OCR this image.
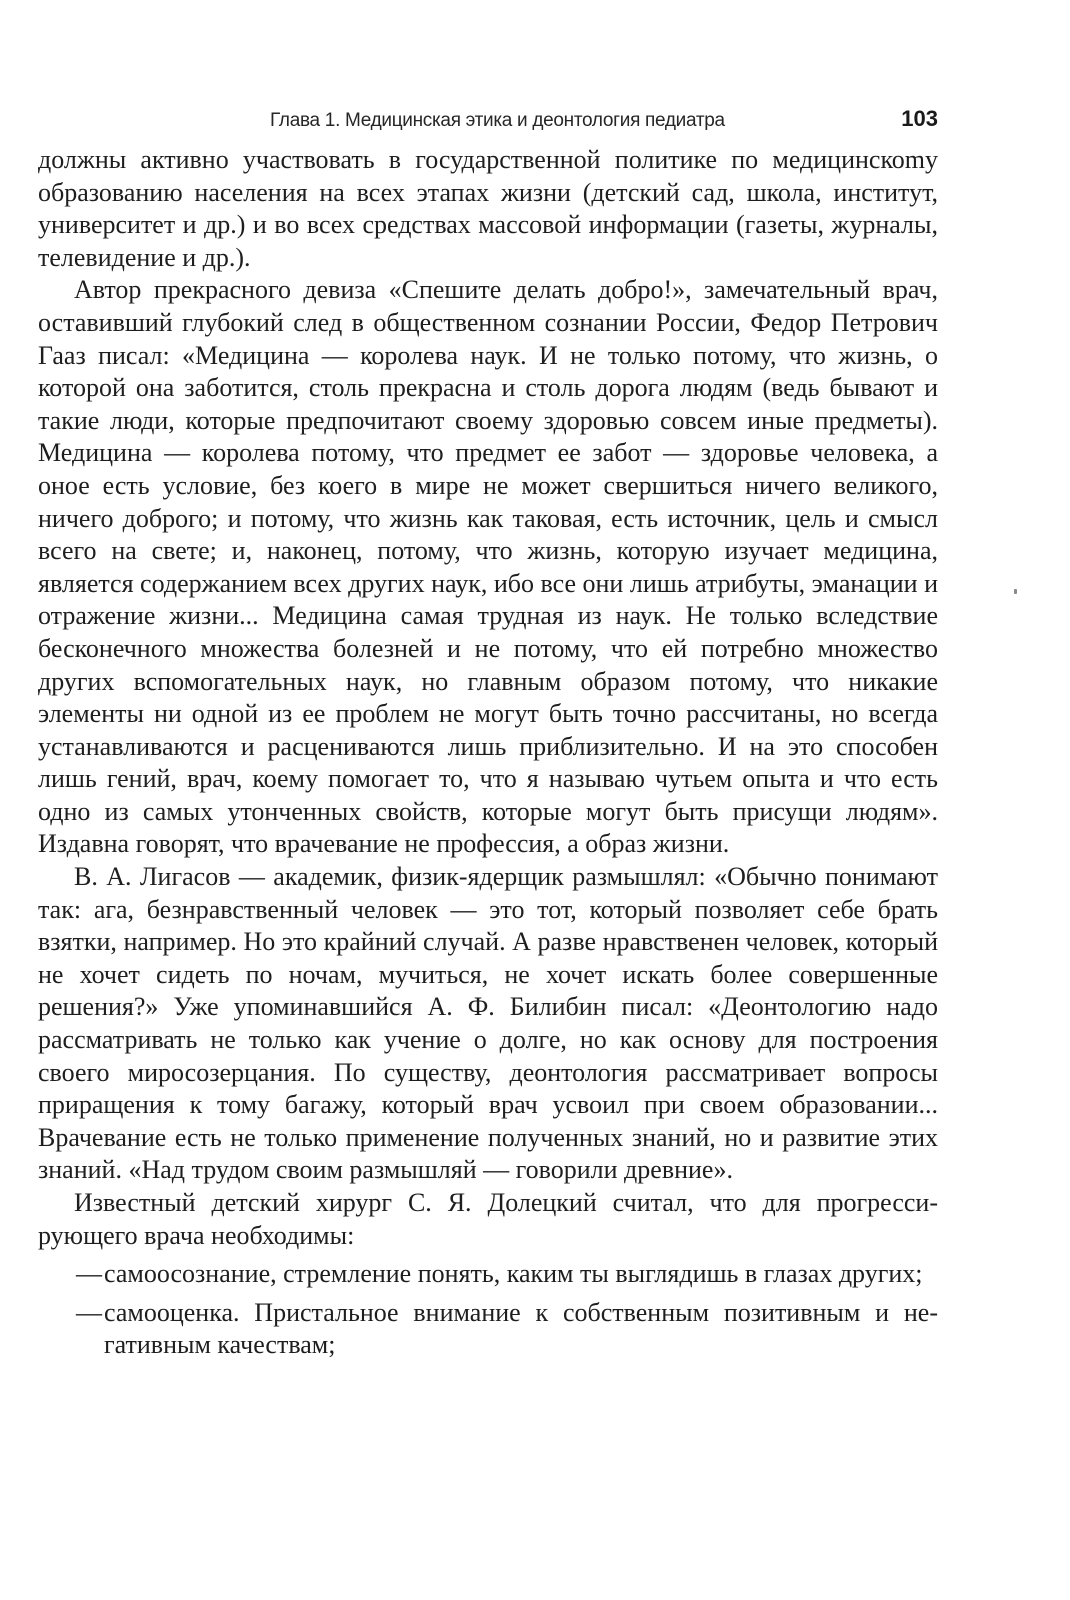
Глава 1. Медицинская этика и деонтология педиатра	103

должны активно участвовать в государственной политике по медицинскоmу образованию населения на всех этапах жизни (детский сад, школа, институт, университет и др.) и во всех средствах массовой информации (газеты, журналы, телевидение и др.).

Автор прекрасного девиза «Спешите делать добро!», замечательный врач, оставивший глубокий след в общественном сознании России, Федор Петрович Гааз писал: «Медицина — королева наук. И не только потому, что жизнь, о которой она заботится, столь прекрасна и столь дорога людям (ведь бывают и такие люди, которые предпочитают своему здоровью совсем иные предметы). Медицина — королева потому, что предмет ее забот — здоровье человека, а оное есть условие, без коего в мире не может свершиться ничего великого, ничего доброго; и потому, что жизнь как таковая, есть источник, цель и смысл всего на свете; и, наконец, потому, что жизнь, которую изучает медицина, является содержанием всех других наук, ибо все они лишь атрибуты, эманации и отражение жизни... Медицина самая трудная из наук. Не только вследствие бесконечного множества болезней и не потому, что ей потребно множество других вспомогательных наук, но главным образом потому, что никакие элементы ни одной из ее проблем не могут быть точно рассчитаны, но всегда устанавливаются и расцениваются лишь приблизительно. И на это способен лишь гений, врач, коему помогает то, что я называю чутьем опыта и что есть одно из самых утонченных свойств, которые могут быть присущи людям». Издавна говорят, что врачевание не профессия, а образ жизни.

В. А. Лигасов — академик, физик-ядерщик размышлял: «Обычно понимают так: ага, безнравственный человек — это тот, который позволяет себе брать взятки, например. Но это крайний случай. А разве нравственен человек, который не хочет сидеть по ночам, мучиться, не хочет искать более совершенные решения?» Уже упоминавшийся А. Ф. Билибин писал: «Деонтологию надо рассматривать не только как учение о долге, но как основу для построения своего миросозерцания. По существу, деонтология рассматривает вопросы приращения к тому багажу, который врач усвоил при своем образовании... Врачевание есть не только применение полученных знаний, но и развитие этих знаний. «Над трудом своим размышляй — говорили древние».

Известный детский хирург С. Я. Долецкий считал, что для прогрессирующего врача необходимы:

— самоосознание, стремление понять, каким ты выглядишь в глазах других;
— самооценка. Пристальное внимание к собственным позитивным и негативным качествам;
